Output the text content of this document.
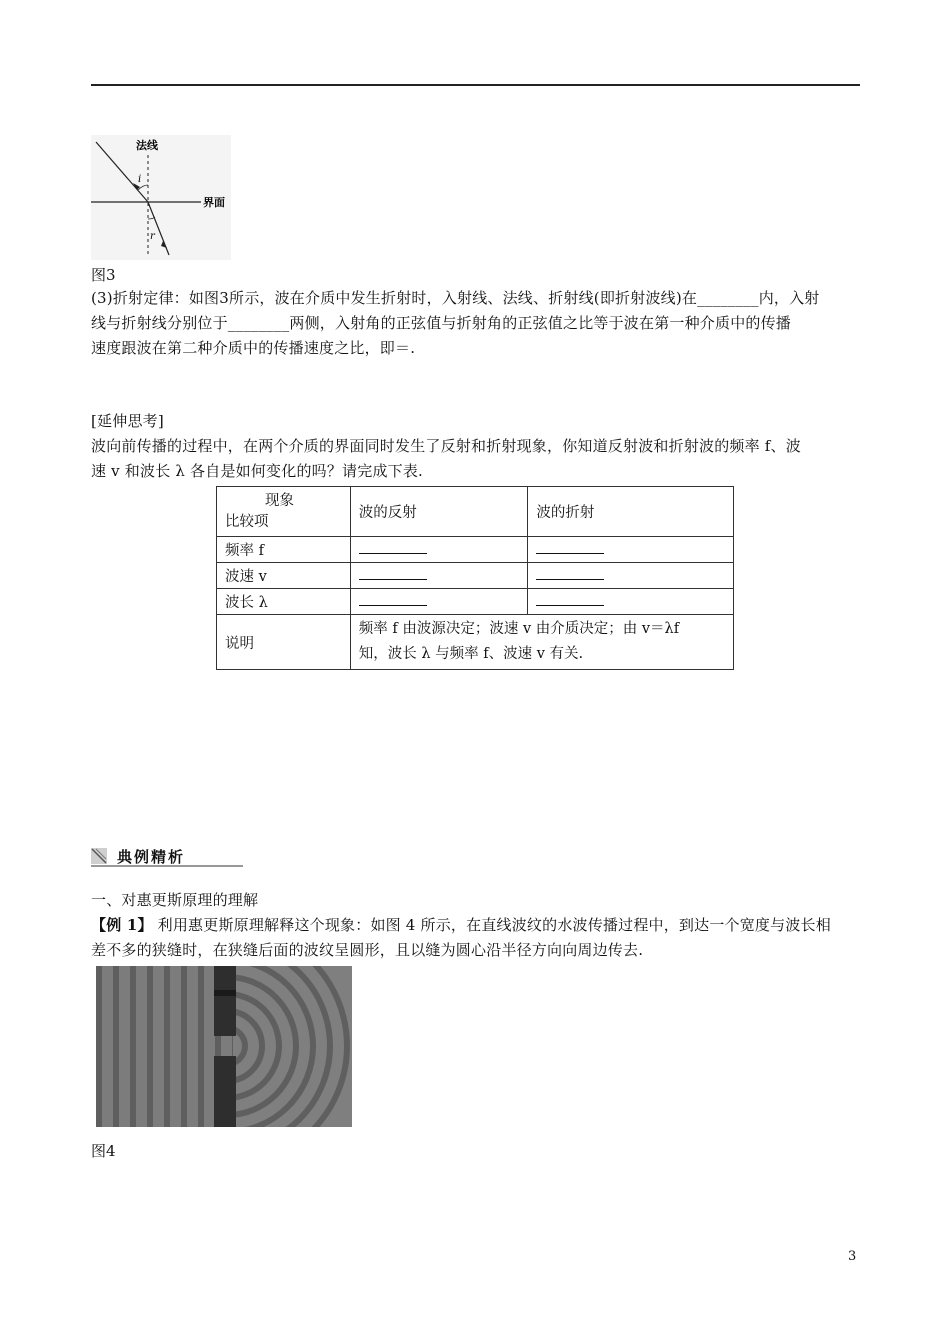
法线
界面
i
r
图3
(3)折射定律：如图3所示，波在介质中发生折射时，入射线、法线、折射线(即折射波线)在________内，入射
线与折射线分别位于________两侧，入射角的正弦值与折射角的正弦值之比等于波在第一种介质中的传播
速度跟波在第二种介质中的传播速度之比，即＝.
[延伸思考]
波向前传播的过程中，在两个介质的界面同时发生了反射和折射现象，你知道反射波和折射波的频率 f、波
速 v 和波长 λ 各自是如何变化的吗？请完成下表.
现象
比较项	波的反射	波的折射
频率 f		
波速 v		
波长 λ		
说明	频率 f 由波源决定；波速 v 由介质决定；由 v＝λf
知，波长 λ 与频率 f、波速 v 有关.	
典例精析
一、对惠更斯原理的理解
【例 1】 利用惠更斯原理解释这个现象：如图 4 所示，在直线波纹的水波传播过程中，到达一个宽度与波长相
差不多的狭缝时，在狭缝后面的波纹呈圆形，且以缝为圆心沿半径方向向周边传去.
图4
3
